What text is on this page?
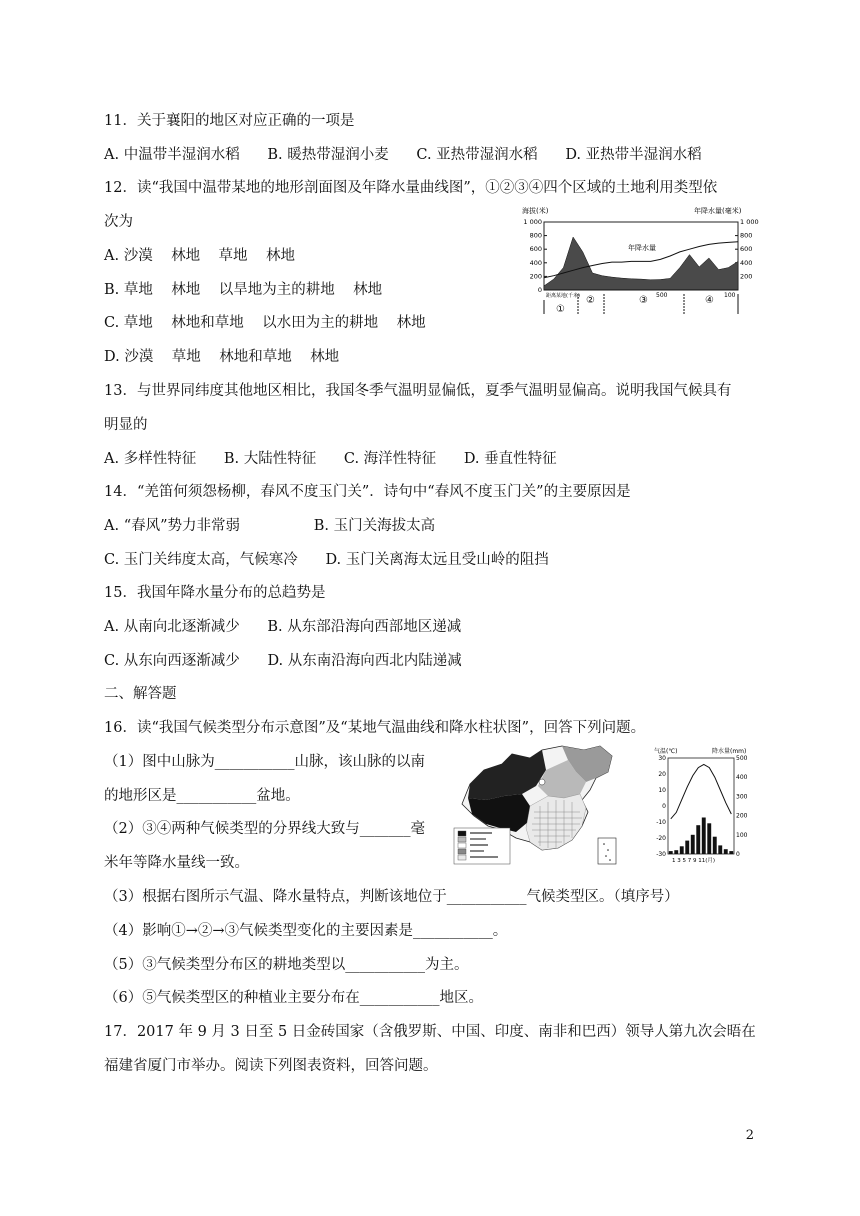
11．关于襄阳的地区对应正确的一项是
A. 中温带半湿润水稻      B. 暖热带湿润小麦      C. 亚热带湿润水稻      D. 亚热带半湿润水稻
12．读“我国中温带某地的地形剖面图及年降水量曲线图”，①②③④四个区域的土地利用类型依
次为
A. 沙漠    林地    草地    林地
B. 草地    林地    以旱地为主的耕地    林地
C. 草地    林地和草地    以水田为主的耕地    林地
D. 沙漠    草地    林地和草地    林地
海拔(米)	年降水量(毫米)
1 000
800
600
400
200
0
1 000
800
600
400
200
年降水量
500	100
距离某地(千米)
①
②	③	④
13．与世界同纬度其他地区相比，我国冬季气温明显偏低，夏季气温明显偏高。说明我国气候具有
明显的
A. 多样性特征      B. 大陆性特征      C. 海洋性特征      D. 垂直性特征
14．“羌笛何须怨杨柳，春风不度玉门关”．诗句中“春风不度玉门关”的主要原因是
A. “春风”势力非常弱                B. 玉门关海拔太高
C. 玉门关纬度太高，气候寒冷      D. 玉门关离海太远且受山岭的阻挡
15．我国年降水量分布的总趋势是
A. 从南向北逐渐减少      B. 从东部沿海向西部地区递减
C. 从东向西逐渐减少      D. 从东南沿海向西北内陆递减
二、解答题
16．读“我国气候类型分布示意图”及“某地气温曲线和降水柱状图”，回答下列问题。
（1）图中山脉为___________山脉，该山脉的以南
的地形区是___________盆地。
（2）③④两种气候类型的分界线大致与_______毫
米年等降水量线一致。
（3）根据右图所示气温、降水量特点，判断该地位于___________气候类型区。（填序号）
（4）影响①→②→③气候类型变化的主要因素是___________。
（5）③气候类型分布区的耕地类型以___________为主。
（6）⑤气候类型区的种植业主要分布在___________地区。
气温(℃)	降水量(mm)
30
20
10
0
-10
-20
-30
500
400
300
200
100
0
1 3 5 7 9 11(月)
17．2017 年 9 月 3 日至 5 日金砖国家（含俄罗斯、中国、印度、南非和巴西）领导人第九次会晤在
福建省厦门市举办。阅读下列图表资料，回答问题。
2
